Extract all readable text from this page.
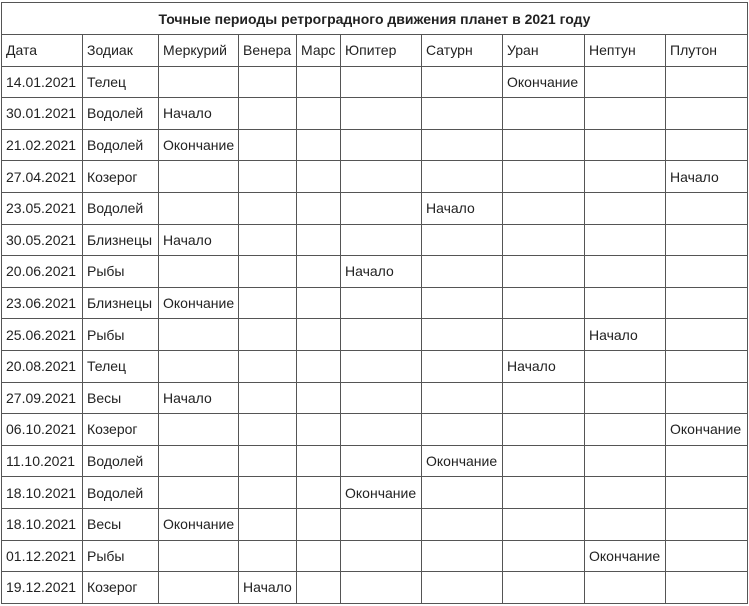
Точные периоды ретроградного движения планет в 2021 году									
Дата	Зодиак	Меркурий	Венера	Марс	Юпитер	Сатурн	Уран	Нептун	Плутон
14.01.2021	Телец						Окончание		
30.01.2021	Водолей	Начало							
21.02.2021	Водолей	Окончание							
27.04.2021	Козерог								Начало
23.05.2021	Водолей					Начало			
30.05.2021	Близнецы	Начало							
20.06.2021	Рыбы				Начало				
23.06.2021	Близнецы	Окончание							
25.06.2021	Рыбы							Начало	
20.08.2021	Телец						Начало		
27.09.2021	Весы	Начало							
06.10.2021	Козерог								Окончание
11.10.2021	Водолей					Окончание			
18.10.2021	Водолей				Окончание				
18.10.2021	Весы	Окончание							
01.12.2021	Рыбы							Окончание	
19.12.2021	Козерог		Начало						
